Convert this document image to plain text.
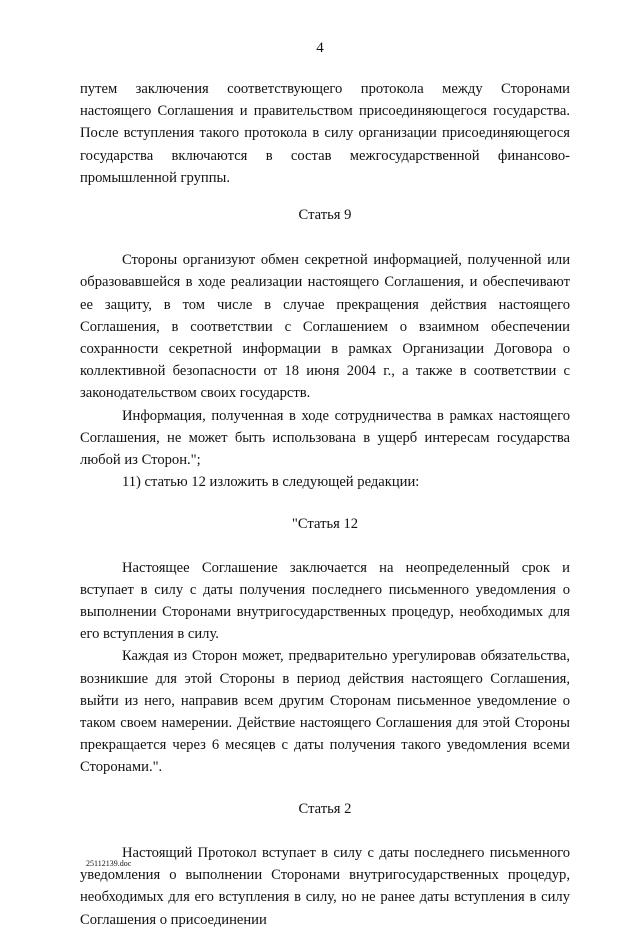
4

путем заключения соответствующего протокола между Сторонами настоящего Соглашения и правительством присоединяющегося государства. После вступления такого протокола в силу организации присоединяющегося государства включаются в состав межгосударственной финансово-промышленной группы.

Статья 9

Стороны организуют обмен секретной информацией, полученной или образовавшейся в ходе реализации настоящего Соглашения, и обеспечивают ее защиту, в том числе в случае прекращения действия настоящего Соглашения, в соответствии с Соглашением о взаимном обеспечении сохранности секретной информации в рамках Организации Договора о коллективной безопасности от 18 июня 2004 г., а также в соответствии с законодательством своих государств.

Информация, полученная в ходе сотрудничества в рамках настоящего Соглашения, не может быть использована в ущерб интересам государства любой из Сторон.";

11) статью 12 изложить в следующей редакции:

"Статья 12

Настоящее Соглашение заключается на неопределенный срок и вступает в силу с даты получения последнего письменного уведомления о выполнении Сторонами внутригосударственных процедур, необходимых для его вступления в силу.

Каждая из Сторон может, предварительно урегулировав обязательства, возникшие для этой Стороны в период действия настоящего Соглашения, выйти из него, направив всем другим Сторонам письменное уведомление о таком своем намерении. Действие настоящего Соглашения для этой Стороны прекращается через 6 месяцев с даты получения такого уведомления всеми Сторонами.".

Статья 2

Настоящий Протокол вступает в силу с даты последнего письменного уведомления о выполнении Сторонами внутригосударственных процедур, необходимых для его вступления в силу, но не ранее даты вступления в силу Соглашения о присоединении

25112139.doc
